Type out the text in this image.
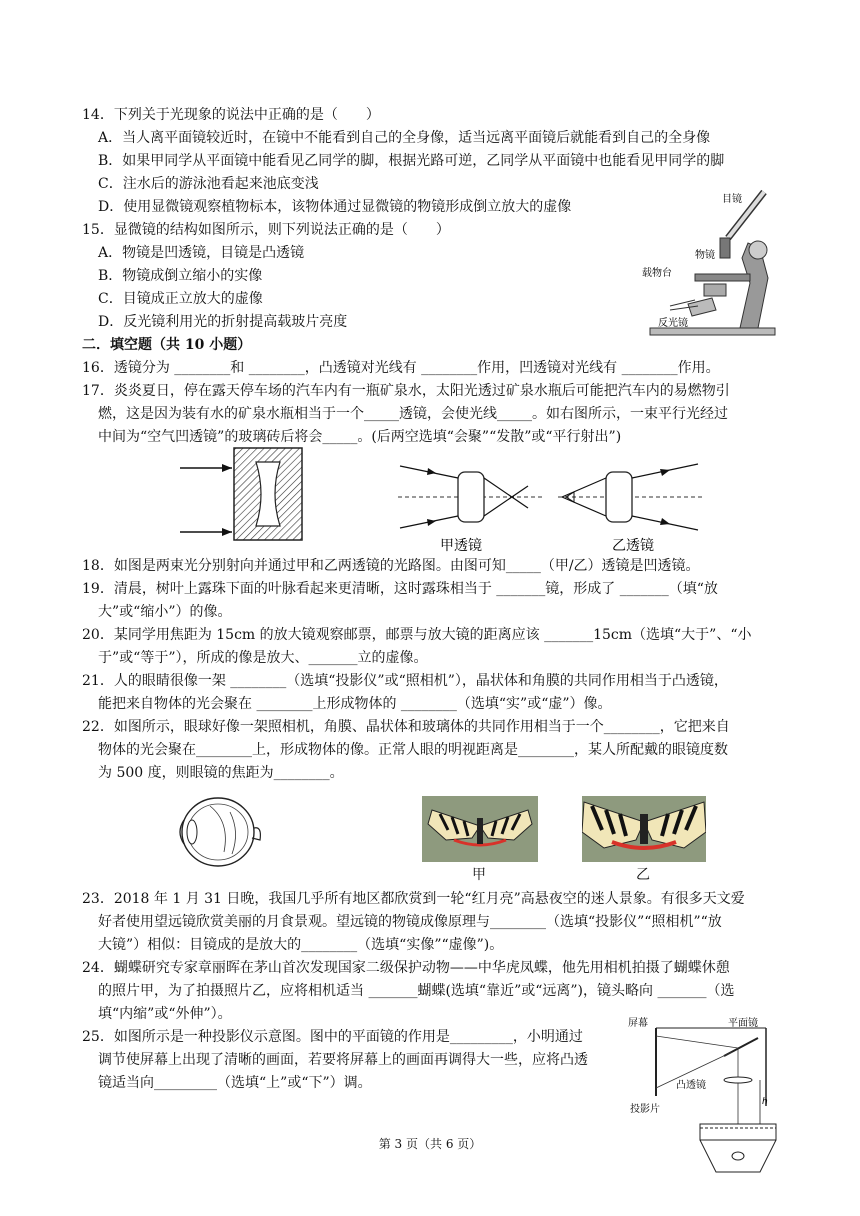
14．下列关于光现象的说法中正确的是（　　）
A．当人离平面镜较近时，在镜中不能看到自己的全身像，适当远离平面镜后就能看到自己的全身像
B．如果甲同学从平面镜中能看见乙同学的脚，根据光路可逆，乙同学从平面镜中也能看见甲同学的脚
C．注水后的游泳池看起来池底变浅
D．使用显微镜观察植物标本，该物体通过显微镜的物镜形成倒立放大的虚像
15．显微镜的结构如图所示，则下列说法正确的是（　　）
A．物镜是凹透镜，目镜是凸透镜
B．物镜成倒立缩小的实像
C．目镜成正立放大的虚像
D．反光镜利用光的折射提高载玻片亮度
目镜
物镜
载物台
反光镜
二．填空题（共 10 小题）
16．透镜分为 ________和 ________，凸透镜对光线有 ________作用，凹透镜对光线有 ________作用。
17．炎炎夏日，停在露天停车场的汽车内有一瓶矿泉水，太阳光透过矿泉水瓶后可能把汽车内的易燃物引
燃，这是因为装有水的矿泉水瓶相当于一个_____透镜，会使光线_____。如右图所示，一束平行光经过
中间为“空气凹透镜”的玻璃砖后将会_____。(后两空选填“会聚”“发散”或“平行射出”)
甲透镜	乙透镜
18．如图是两束光分别射向并通过甲和乙两透镜的光路图。由图可知_____（甲/乙）透镜是凹透镜。
19．清晨，树叶上露珠下面的叶脉看起来更清晰，这时露珠相当于 _______镜，形成了 _______（填“放
大”或“缩小”）的像。
20．某同学用焦距为 15cm 的放大镜观察邮票，邮票与放大镜的距离应该 _______15cm（选填“大于”、“小
于”或“等于”），所成的像是放大、_______立的虚像。
21．人的眼睛很像一架 ________（选填“投影仪”或“照相机”），晶状体和角膜的共同作用相当于凸透镜，
能把来自物体的光会聚在 ________上形成物体的 ________（选填“实”或“虚”）像。
22．如图所示，眼球好像一架照相机，角膜、晶状体和玻璃体的共同作用相当于一个________，它把来自
物体的光会聚在________上，形成物体的像。正常人眼的明视距离是________，某人所配戴的眼镜度数
为 500 度，则眼镜的焦距为________。
甲	乙
23．2018 年 1 月 31 日晚，我国几乎所有地区都欣赏到一轮“红月亮”高悬夜空的迷人景象。有很多天文爱
好者使用望远镜欣赏美丽的月食景观。望远镜的物镜成像原理与________（选填“投影仪”“照相机”“放
大镜”）相似：目镜成的是放大的________（选填“实像”“虚像”)。
24．蝴蝶研究专家章丽晖在茅山首次发现国家二级保护动物——中华虎凤蝶，他先用相机拍摄了蝴蝶休憩
的照片甲，为了拍摄照片乙，应将相机适当 _______蝴蝶(选填“靠近”或“远离”)，镜头略向 _______（选
填“内缩”或“外伸”）。
25．如图所示是一种投影仪示意图。图中的平面镜的作用是_________，小明通过
调节使屏幕上出现了清晰的画面，若要将屏幕上的画面再调得大一些，应将凸透
镜适当向_________（选填“上”或“下”）调。
h
屏幕	平面镜
凸透镜
投影片
第 3 页（共 6 页）
